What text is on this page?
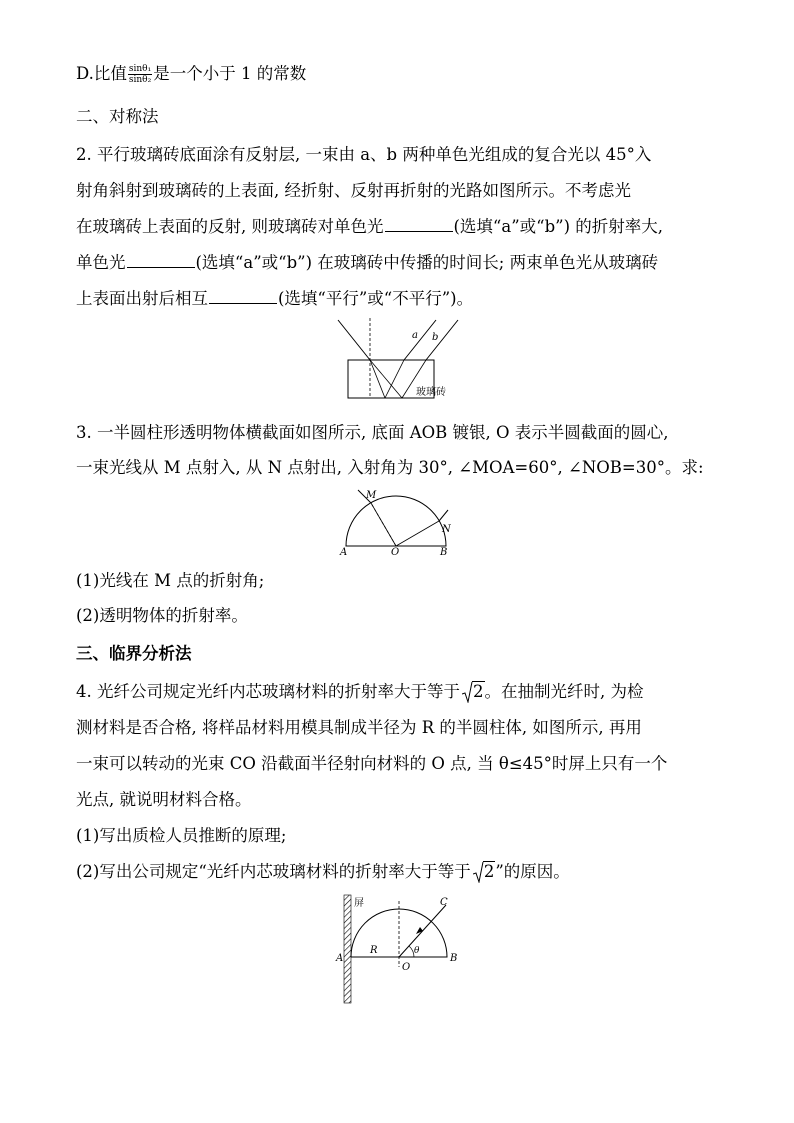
D.比值 $\frac{\text{sinθ₁}}{\text{sinθ₂}}$ 是一个小于 1 的常数
二、对称法
2. 平行玻璃砖底面涂有反射层, 一束由 a、b 两种单色光组成的复合光以 45°入
射角斜射到玻璃砖的上表面, 经折射、反射再折射的光路如图所示。不考虑光
在玻璃砖上表面的反射, 则玻璃砖对单色光	(选填“a”或“b”) 的折射率大,
单色光	(选填“a”或“b”) 在玻璃砖中传播的时间长; 两束单色光从玻璃砖
上表面出射后相互	(选填“平行”或“不平行”)。
a b
玻璃砖
3. 一半圆柱形透明物体横截面如图所示, 底面 AOB 镀银, O 表示半圆截面的圆心,
一束光线从 M 点射入, 从 N 点射出, 入射角为 30°, ∠MOA=60°, ∠NOB=30°。求:
M
N
A	O	B
(1)光线在 M 点的折射角;
(2)透明物体的折射率。
三、临界分析法
4. 光纤公司规定光纤内芯玻璃材料的折射率大于等于 2。在抽制光纤时, 为检
测材料是否合格, 将样品材料用模具制成半径为 R 的半圆柱体, 如图所示, 再用
一束可以转动的光束 CO 沿截面半径射向材料的 O 点, 当 θ≤45°时屏上只有一个
光点, 就说明材料合格。
(1)写出质检人员推断的原理;
(2)写出公司规定“光纤内芯玻璃材料的折射率大于等于 2”的原因。
屏	C
R	θ
A
O
B
